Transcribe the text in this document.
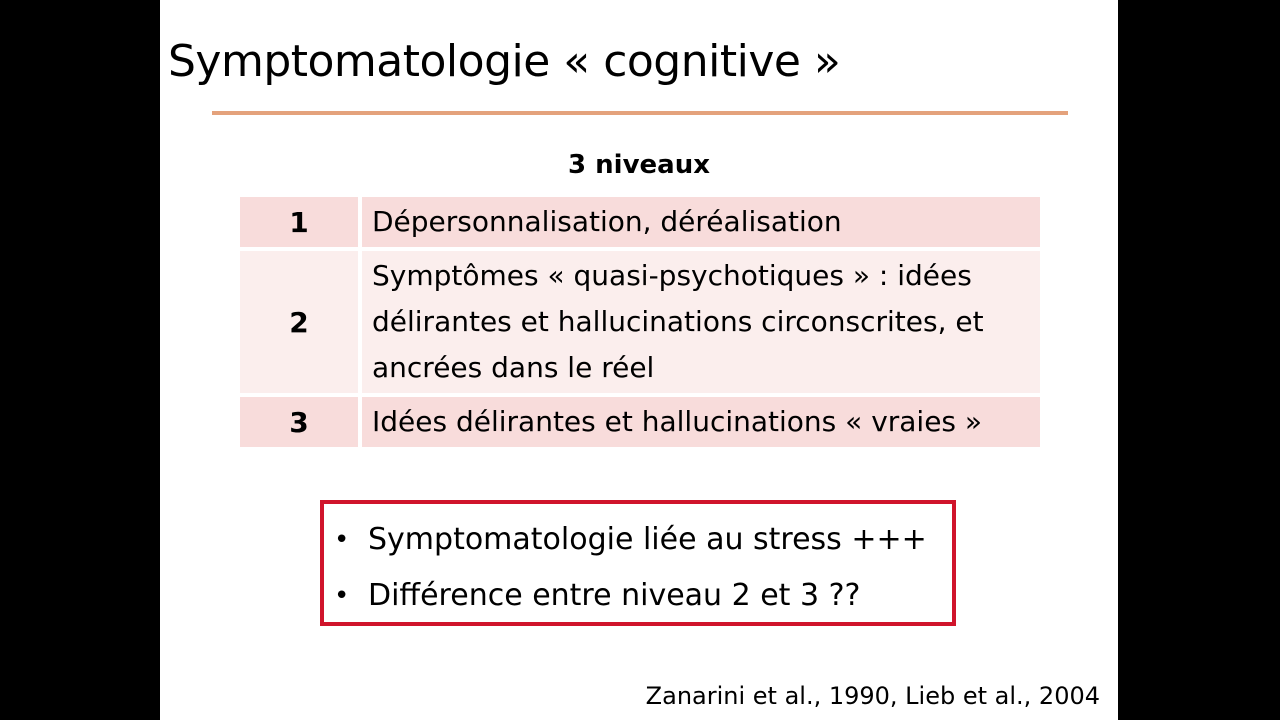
Symptomatologie « cognitive »
3 niveaux
1	Dépersonnalisation, déréalisation
2	Symptômes « quasi-psychotiques » : idées délirantes et hallucinations circonscrites, et ancrées dans le réel
3	Idées délirantes et hallucinations « vraies »
• Symptomatologie liée au stress +++
• Différence entre niveau 2 et 3 ??
Zanarini et al., 1990, Lieb et al., 2004
